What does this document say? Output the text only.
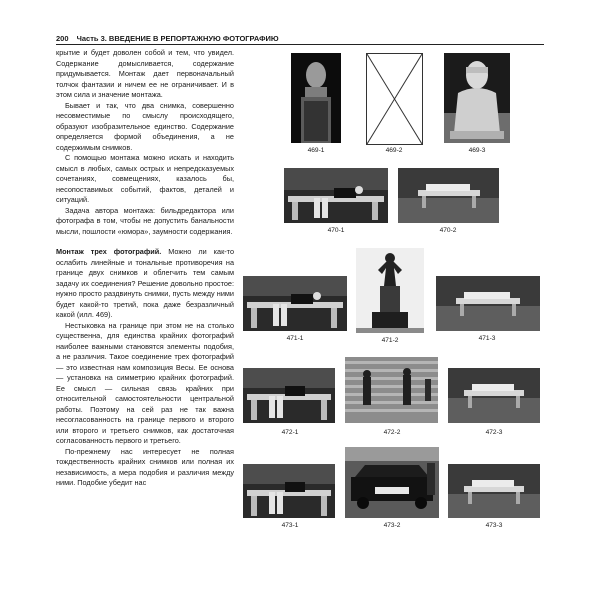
200 Часть 3. ВВЕДЕНИЕ В РЕПОРТАЖНУЮ ФОТОГРАФИЮ

крытие и будет доволен собой и тем, что увидел. Содержание домысливается, содержание придумывается. Монтаж дает первоначальный толчок фантазии и ничем ее не ограничивает. И в этом сила и значение монтажа.

Бывает и так, что два снимка, совершенно несовместимые по смыслу происходящего, образуют изобразительное единство. Содержание определяется формой объединения, а не содержимым снимков.

С помощью монтажа можно искать и находить смысл в любых, самых острых и непредсказуемых сочетаниях, совмещениях, казалось бы, несопоставимых событий, фактов, деталей и ситуаций.

Задача автора монтажа: бильдредактора или фотографа в том, чтобы не допустить банальности мысли, пошлости «юмора», заумности содержания.

Монтаж трех фотографий. Можно ли как-то ослабить линейные и тональные противоречия на границе двух снимков и облегчить тем самым задачу их соединения? Решение довольно простое: нужно просто раздвинуть снимки, пусть между ними будет какой-то третий, пока даже безразличный какой (илл. 469).

Нестыковка на границе при этом не на столько существенна, для единства крайних фотографий наиболее важными становятся элементы подобия, а не различия. Такое соединение трех фотографий — это известная нам композиция Весы. Ее основа — установка на симметрию крайних фотографий. Ее смысл — сильная связь крайних при относительной самостоятельности центральной работы. Поэтому на сей раз не так важна несогласованность на границе первого и второго или второго и третьего снимков, как достаточная согласованность первого и третьего.

По-прежнему нас интересует не полная тождественность крайних снимков или полная их независимость, а мера подобия и различия между ними. Подобие убедит нас

469-1	469-2	469-3
470-1	470-2
471-1	471-2	471-3
472-1	472-2	472-3
473-1	473-2	473-3
